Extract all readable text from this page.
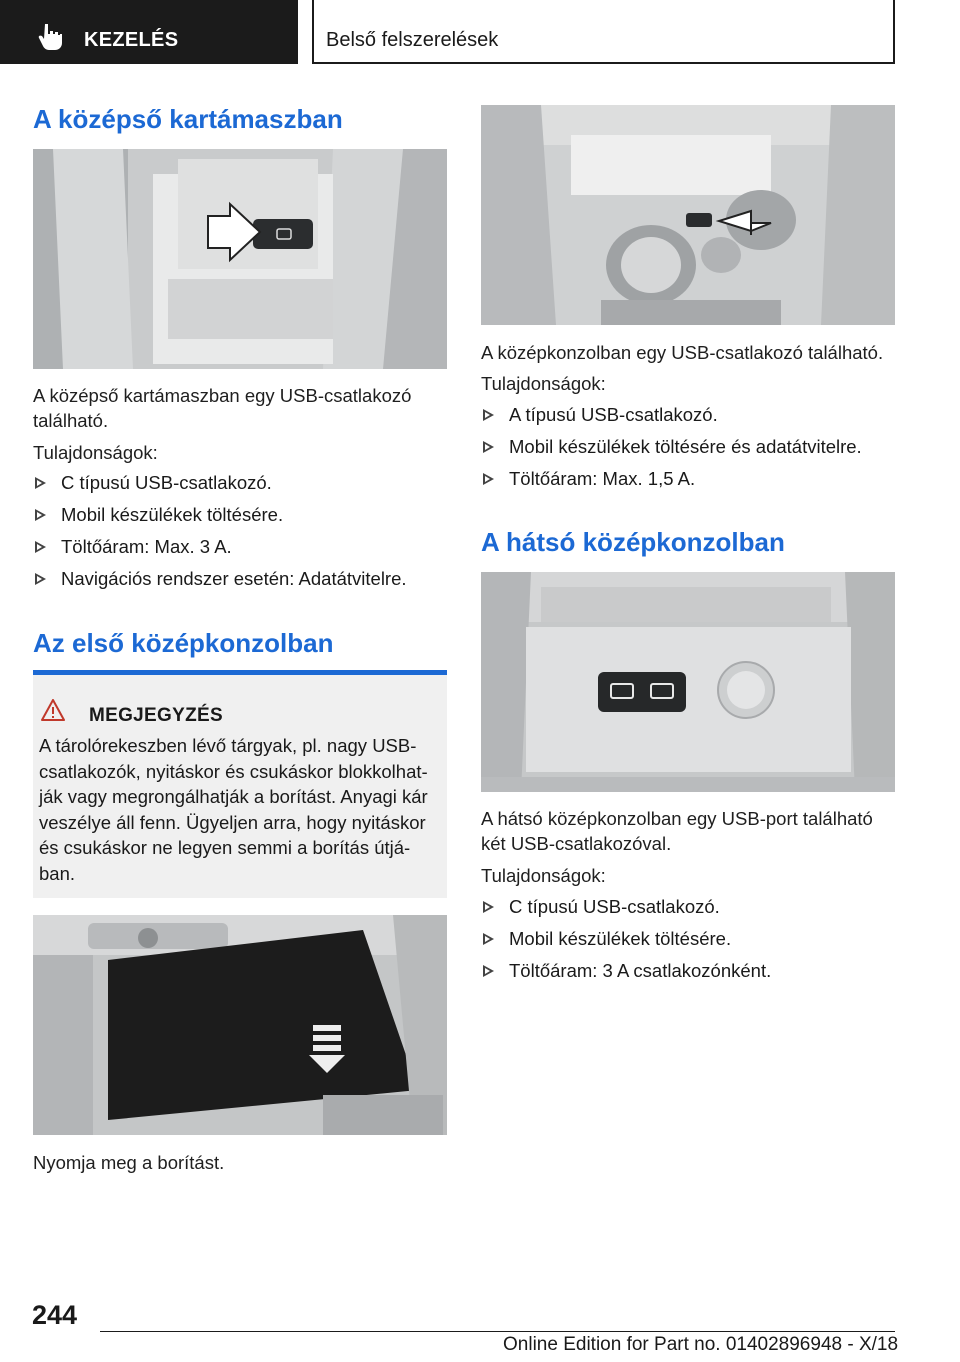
KEZELÉS	Belső felszerelések
A középső kartámaszban
A középső kartámaszban egy USB-csatlakozó található.
Tulajdonságok:
C típusú USB-csatlakozó.
Mobil készülékek töltésére.
Töltőáram: Max. 3 A.
Navigációs rendszer esetén: Adatátvitelre.
Az első középkonzolban
MEGJEGYZÉS
A tárolórekeszben lévő tárgyak, pl. nagy USB-csatlakozók, nyitáskor és csukáskor blokkolhat-ják vagy megrongálhatják a borítást. Anyagi kár veszélye áll fenn. Ügyeljen arra, hogy nyitáskor és csukáskor ne legyen semmi a borítás útjá-ban.
Nyomja meg a borítást.
A középkonzolban egy USB-csatlakozó található.
Tulajdonságok:
A típusú USB-csatlakozó.
Mobil készülékek töltésére és adatátvitelre.
Töltőáram: Max. 1,5 A.
A hátsó középkonzolban
A hátsó középkonzolban egy USB-port található két USB-csatlakozóval.
Tulajdonságok:
C típusú USB-csatlakozó.
Mobil készülékek töltésére.
Töltőáram: 3 A csatlakozónként.
244
Online Edition for Part no. 01402896948 - X/18
